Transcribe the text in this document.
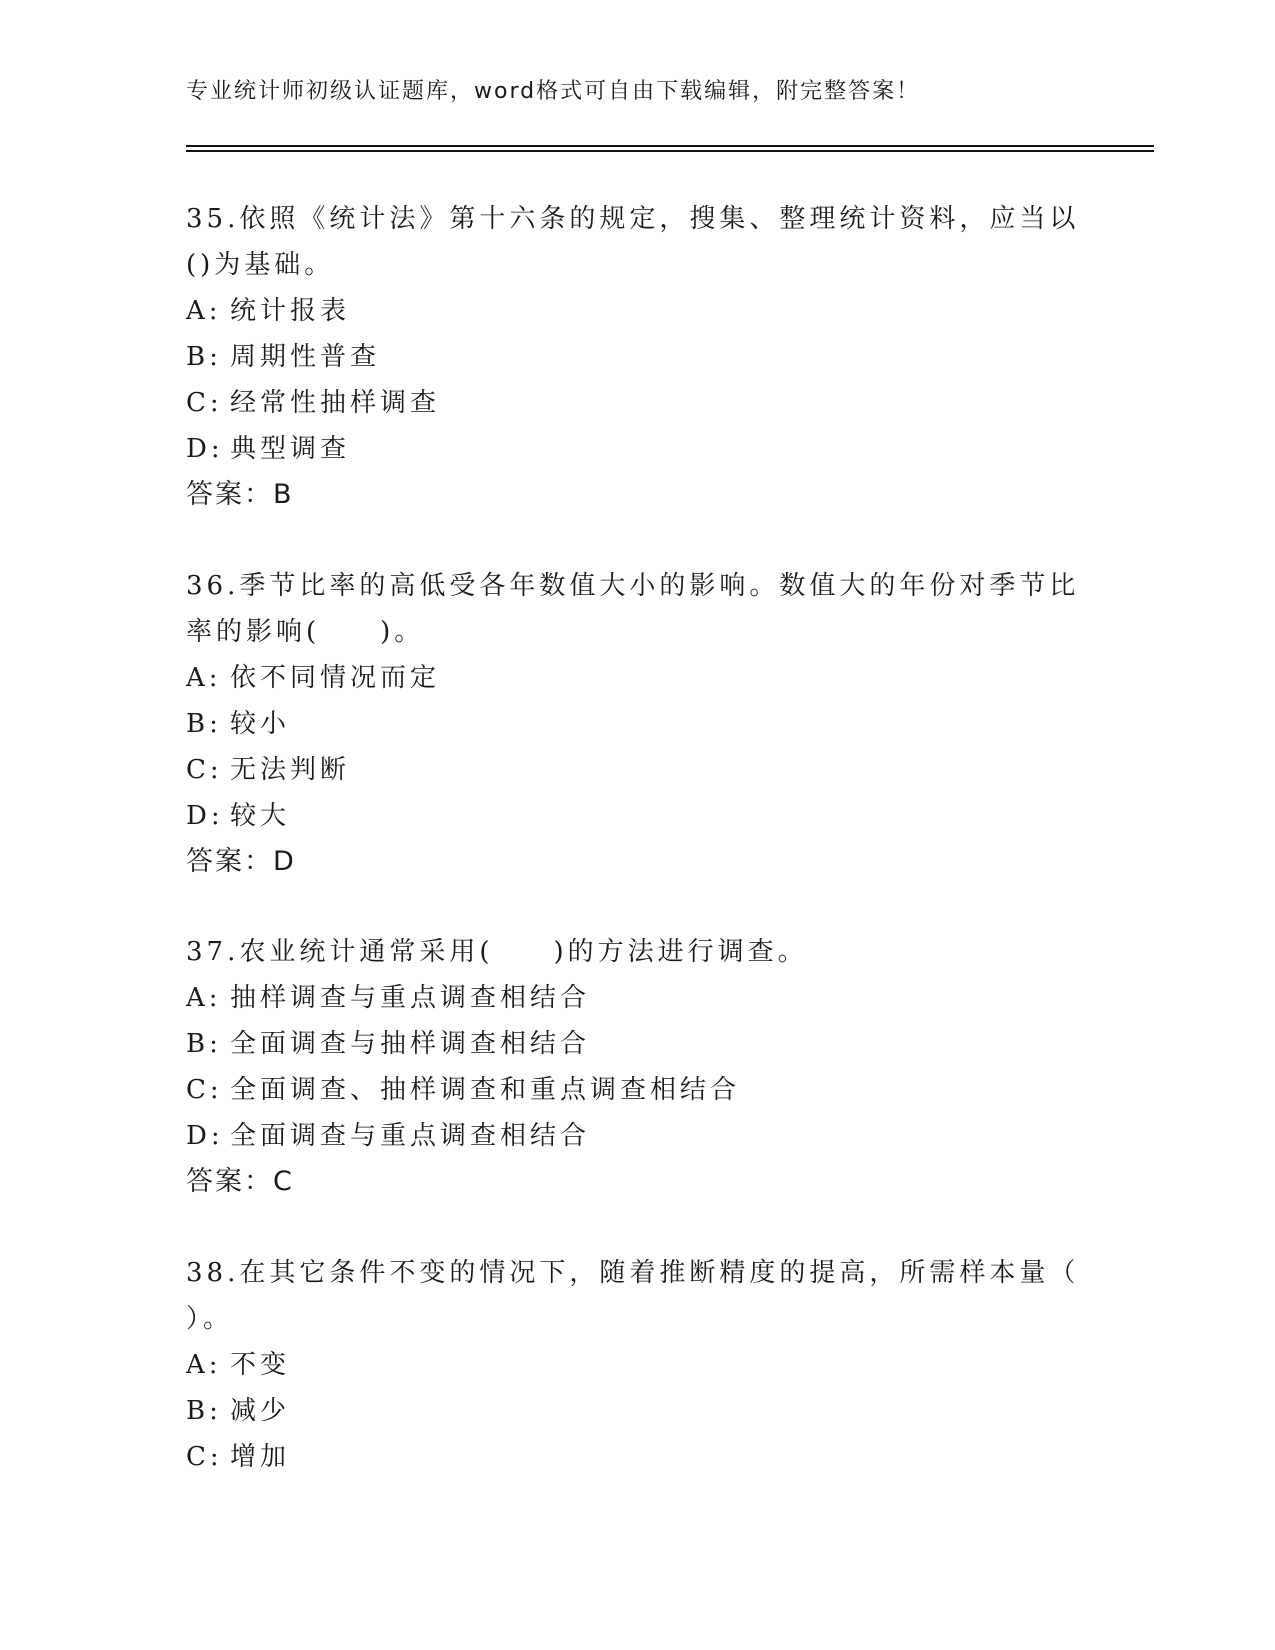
专业统计师初级认证题库，word格式可自由下载编辑，附完整答案！

35.依照《统计法》第十六条的规定，搜集、整理统计资料，应当以()为基础。

A: 统计报表
B: 周期性普查
C: 经常性抽样调查
D: 典型调查
答案：B

36.季节比率的高低受各年数值大小的影响。数值大的年份对季节比率的影响(　　)。

A: 依不同情况而定
B: 较小
C: 无法判断
D: 较大
答案：D

37.农业统计通常采用(　　)的方法进行调查。

A: 抽样调查与重点调查相结合
B: 全面调查与抽样调查相结合
C: 全面调查、抽样调查和重点调查相结合
D: 全面调查与重点调查相结合
答案：C

38.在其它条件不变的情况下，随着推断精度的提高，所需样本量（　　）。

A: 不变
B: 减少
C: 增加
